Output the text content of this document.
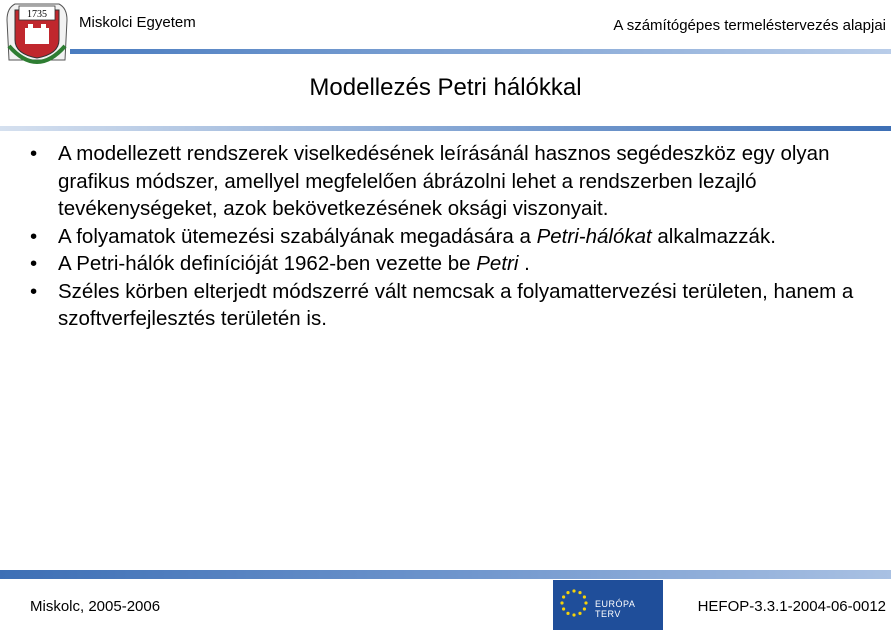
1735 Miskolci Egyetem	A számítógépes termeléstervezés alapjai
Modellezés Petri hálókkal
• A modellezett rendszerek viselkedésének leírásánál hasznos segédeszköz egy olyan grafikus módszer, amellyel megfelelően ábrázolni lehet a rendszerben lezajló tevékenységeket, azok bekövetkezésének oksági viszonyait.
• A folyamatok ütemezési szabályának megadására a Petri-hálókat alkalmazzák.
• A Petri-hálók definícióját 1962-ben vezette be Petri .
• Széles körben elterjedt módszerré vált nemcsak a folyamattervezési területen, hanem a szoftverfejlesztés területén is.
Miskolc, 2005-2006	EURÓPA TERV	HEFOP-3.3.1-2004-06-0012
